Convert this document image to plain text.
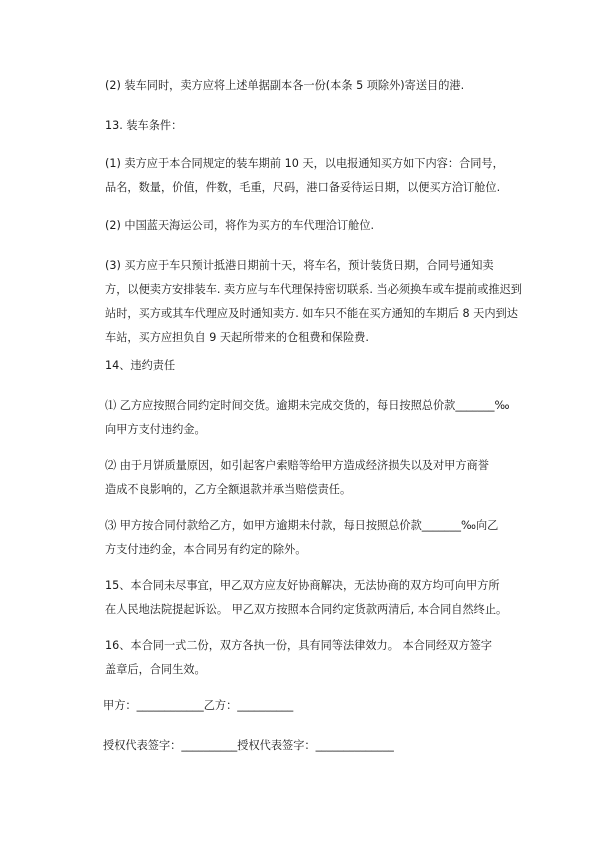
(2) 装车同时，卖方应将上述单据副本各一份(本条 5 项除外)寄送目的港.
13. 装车条件：
(1) 卖方应于本合同规定的装车期前 10 天，以电报通知买方如下内容：合同号，
品名，数量，价值，件数，毛重，尺码，港口备妥待运日期，以便买方洽订舱位.
(2) 中国蓝天海运公司，将作为买方的车代理洽订舱位.
(3) 买方应于车只预计抵港日期前十天，将车名，预计装货日期，合同号通知卖
方，以便卖方安排装车. 卖方应与车代理保持密切联系. 当必须换车或车提前或推迟到
站时，买方或其车代理应及时通知卖方. 如车只不能在买方通知的车期后 8 天内到达
车站，买方应担负自 9 天起所带来的仓租费和保险费.
14、违约责任
⑴ 乙方应按照合同约定时间交货。逾期未完成交货的，每日按照总价款_______‰
向甲方支付违约金。
⑵ 由于月饼质量原因，如引起客户索赔等给甲方造成经济损失以及对甲方商誉
造成不良影响的，乙方全额退款并承当赔偿责任。
⑶ 甲方按合同付款给乙方，如甲方逾期未付款，每日按照总价款_______‰向乙
方支付违约金，本合同另有约定的除外。
15、本合同未尽事宜，甲乙双方应友好协商解决，无法协商的双方均可向甲方所
在人民地法院提起诉讼。 甲乙双方按照本合同约定货款两清后, 本合同自然终止。
16、本合同一式二份，双方各执一份，具有同等法律效力。 本合同经双方签字
盖章后，合同生效。
甲方：____________乙方：__________
授权代表签字：__________授权代表签字：______________
